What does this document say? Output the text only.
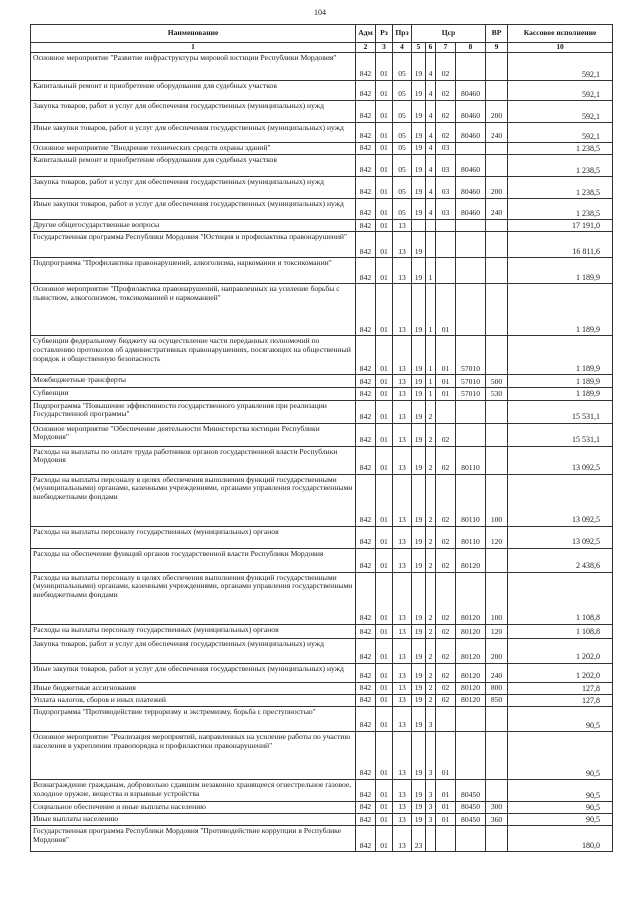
104
Наименование	Адм	Рз	Прз	Цср				ВР	Кассовое исполнение
1	2	3	4	5	6	7	8	9	10
Основное мероприятие "Развитие инфраструктуры мировой юстиции Республики Мордовия"	842	01	05	19	4	02			592,1
Капитальный ремонт и приобретение оборудования для судебных участков	842	01	05	19	4	02	80460		592,1
Закупка товаров, работ и услуг для обеспечения государственных (муниципальных) нужд	842	01	05	19	4	02	80460	200	592,1
Иные закупки товаров, работ и услуг для обеспечения государственных (муниципальных) нужд	842	01	05	19	4	02	80460	240	592,1
Основное мероприятие "Внедрение технических средств охраны зданий"	842	01	05	19	4	03			1 238,5
Капитальный ремонт и приобретение оборудования для судебных участков	842	01	05	19	4	03	80460		1 238,5
Закупка товаров, работ и услуг для обеспечения государственных (муниципальных) нужд	842	01	05	19	4	03	80460	200	1 238,5
Иные закупки товаров, работ и услуг для обеспечения государственных (муниципальных) нужд	842	01	05	19	4	03	80460	240	1 238,5
Другие общегосударственные вопросы	842	01	13						17 191,0
Государственная программа Республики Мордовия "Юстиция и профилактика правонарушений"	842	01	13	19					16 811,6
Подпрограмма "Профилактика правонарушений, алкоголизма, наркомании и токсикомании"	842	01	13	19	1				1 189,9
Основное мероприятие "Профилактика правонарушений, направленных на усиление борьбы с пьянством, алкоголизмом, токсикоманией и наркоманией"	842	01	13	19	1	01			1 189,9
Субвенции федеральному бюджету на осуществление части переданных полномочий по составлению протоколов об административных правонарушениях, посягающих на общественный порядок и общественную безопасность	842	01	13	19	1	01	57010		1 189,9
Межбюджетные трансферты	842	01	13	19	1	01	57010	500	1 189,9
Субвенции	842	01	13	19	1	01	57010	530	1 189,9
Подпрограмма "Повышение эффективности государственного управления при реализации Государственной программы"	842	01	13	19	2				15 531,1
Основное мероприятие "Обеспечение деятельности Министерства юстиции Республики Мордовия"	842	01	13	19	2	02			15 531,1
Расходы на выплаты по оплате труда работников органов государственной власти Республики Мордовия	842	01	13	19	2	02	80110		13 092,5
Расходы на выплаты персоналу в целях обеспечения выполнения функций государственными (муниципальными) органами, казенными учреждениями, органами управления государственными внебюджетными фондами	842	01	13	19	2	02	80110	100	13 092,5
Расходы на выплаты персоналу государственных (муниципальных) органов	842	01	13	19	2	02	80110	120	13 092,5
Расходы на обеспечение функций органов государственной власти Республики Мордовия	842	01	13	19	2	02	80120		2 438,6
Расходы на выплаты персоналу в целях обеспечения выполнения функций государственными (муниципальными) органами, казенными учреждениями, органами управления государственными внебюджетными фондами	842	01	13	19	2	02	80120	100	1 108,8
Расходы на выплаты персоналу государственных (муниципальных) органов	842	01	13	19	2	02	80120	120	1 108,8
Закупка товаров, работ и услуг для обеспечения государственных (муниципальных) нужд	842	01	13	19	2	02	80120	200	1 202,0
Иные закупки товаров, работ и услуг для обеспечения государственных (муниципальных) нужд	842	01	13	19	2	02	80120	240	1 202,0
Иные бюджетные ассигнования	842	01	13	19	2	02	80120	800	127,8
Уплата налогов, сборов и иных платежей	842	01	13	19	2	02	80120	850	127,8
Подпрограмма "Противодействие терроризму и экстремизму, борьба с преступностью"	842	01	13	19	3				90,5
Основное мероприятие "Реализация мероприятий, направленных на усиление работы по участию населения в укреплении правопорядка и профилактики правонарушений"	842	01	13	19	3	01			90,5
Вознаграждение гражданам, добровольно сдавшим незаконно хранящееся огнестрельное газовое, холодное оружие, вещества и взрывные устройства	842	01	13	19	3	01	80450		90,5
Социальное обеспечение и иные выплаты населению	842	01	13	19	3	01	80450	300	90,5
Иные выплаты населению	842	01	13	19	3	01	80450	360	90,5
Государственная программа Республики Мордовия "Противодействие коррупции в Республике Мордовия"	842	01	13	23					180,0
